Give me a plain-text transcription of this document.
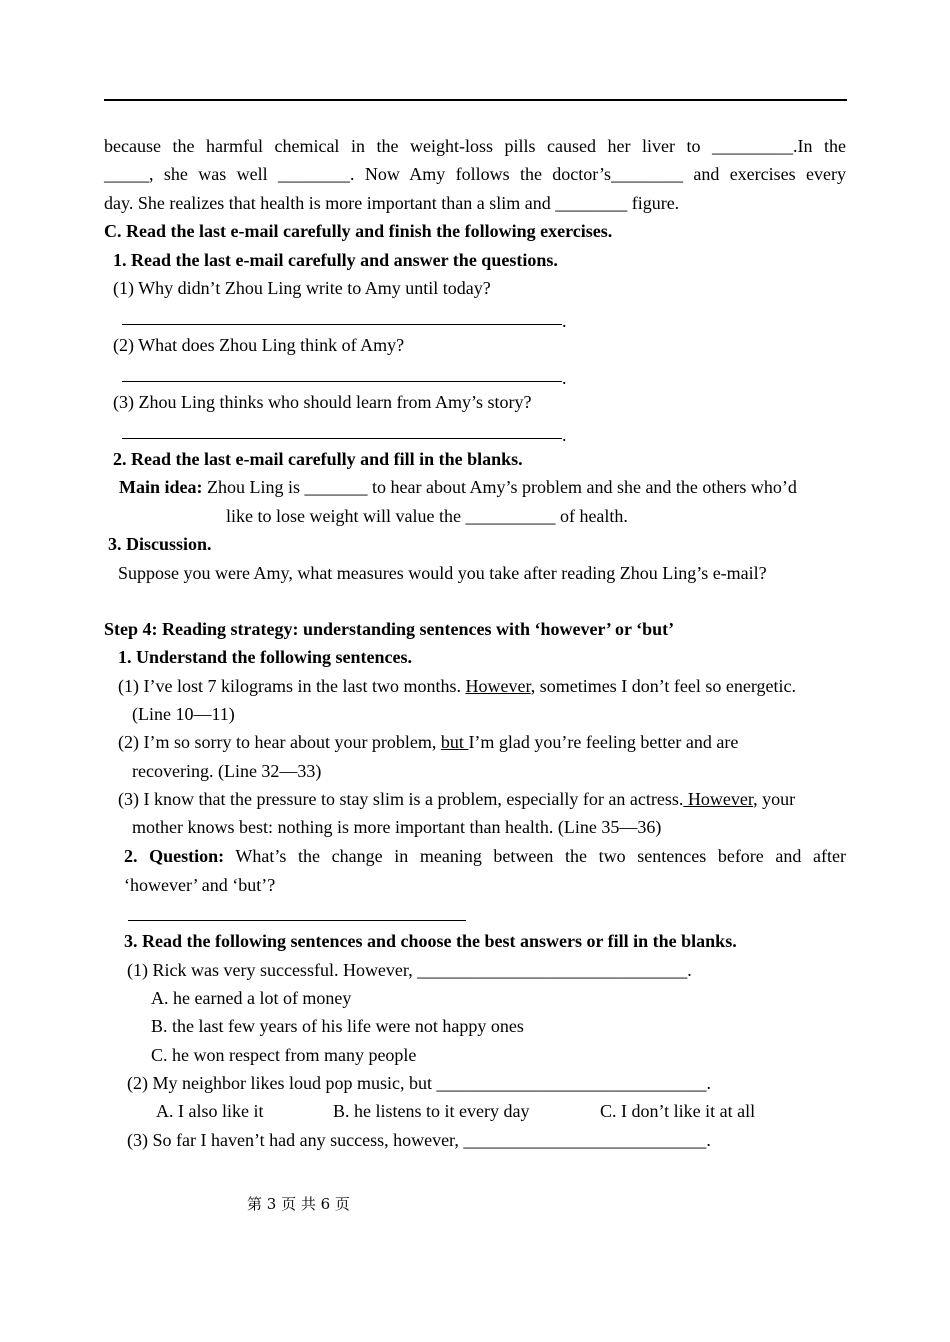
because the harmful chemical in the weight-loss pills caused her liver to _________.In the
_____, she was well ________. Now Amy follows the doctor’s________ and exercises every
day. She realizes that health is more important than a slim and ________ figure.
C. Read the last e-mail carefully and finish the following exercises.
1. Read the last e-mail carefully and answer the questions.
(1) Why didn’t Zhou Ling write to Amy until today?
.
(2) What does Zhou Ling think of Amy?
.
(3) Zhou Ling thinks who should learn from Amy’s story?
.
2. Read the last e-mail carefully and fill in the blanks.
Main idea: Zhou Ling is _______ to hear about Amy’s problem and she and the others who’d
like to lose weight will value the __________ of health.
3. Discussion.
Suppose you were Amy, what measures would you take after reading Zhou Ling’s e-mail?
Step 4: Reading strategy: understanding sentences with ‘however’ or ‘but’
1. Understand the following sentences.
(1) I’ve lost 7 kilograms in the last two months. However, sometimes I don’t feel so energetic.
(Line 10—11)
(2) I’m so sorry to hear about your problem, but I’m glad you’re feeling better and are
recovering. (Line 32—33)
(3) I know that the pressure to stay slim is a problem, especially for an actress. However, your
mother knows best: nothing is more important than health. (Line 35—36)
2. Question: What’s the change in meaning between the two sentences before and after
‘however’ and ‘but’?
3. Read the following sentences and choose the best answers or fill in the blanks.
(1) Rick was very successful. However, ______________________________.
A. he earned a lot of money
B. the last few years of his life were not happy ones
C. he won respect from many people
(2) My neighbor likes loud pop music, but ______________________________.
A. I also like it	B. he listens to it every day	C. I don’t like it at all
(3) So far I haven’t had any success, however, ___________________________.
第 3 页 共 6 页
